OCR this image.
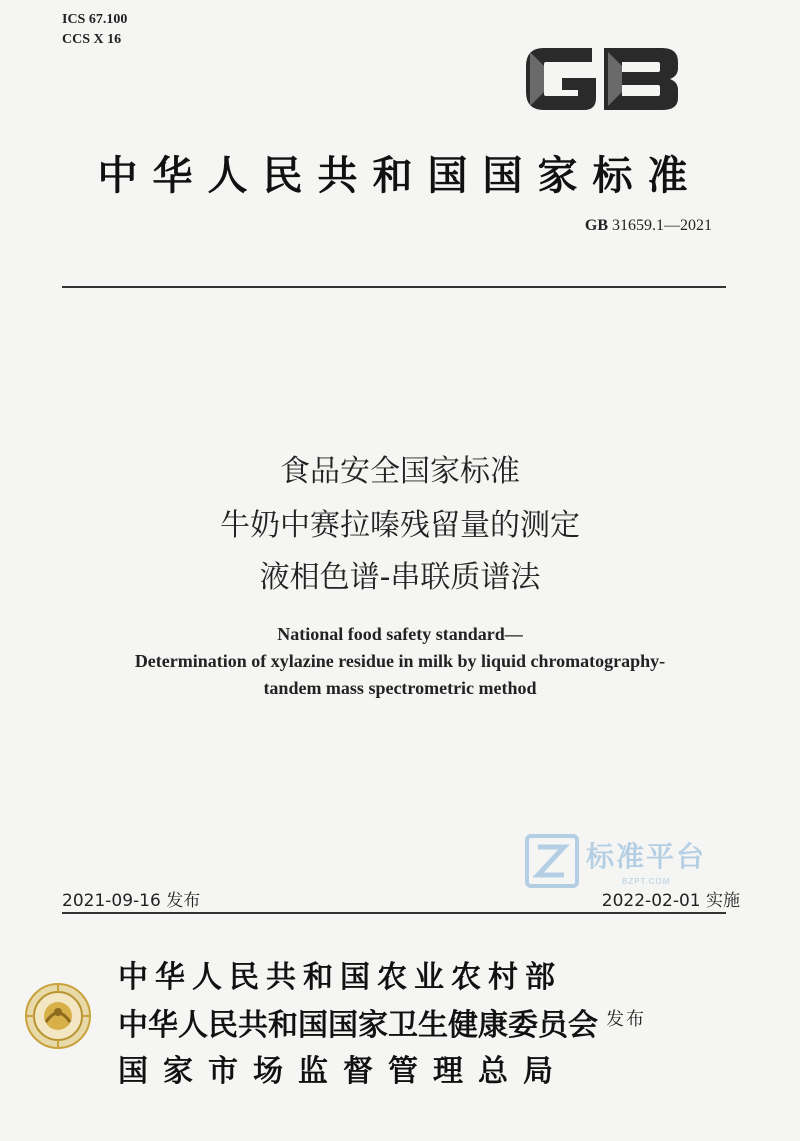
ICS 67.100
CCS X 16
中华人民共和国国家标准
GB 31659.1—2021
食品安全国家标准
牛奶中赛拉嗪残留量的测定
液相色谱-串联质谱法
National food safety standard—
Determination of xylazine residue in milk by liquid chromatography-
tandem mass spectrometric method
标准平台
BZPT.COM
2021-09-16 发布	2022-02-01 实施
中华人民共和国农业农村部
中华人民共和国国家卫生健康委员会
国家市场监督管理总局
发布
